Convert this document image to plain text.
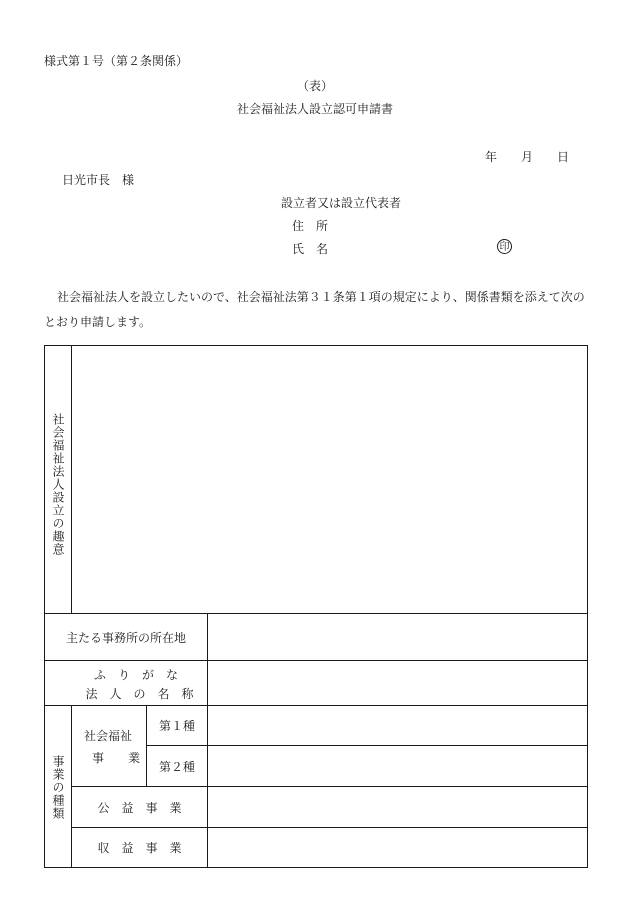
様式第１号（第２条関係）
（表）
社会福祉法人設立認可申請書
年 月 日
日光市長　様
設立者又は設立代表者
住　所
氏　名	印
社会福祉法人を設立したいので、社会福祉法第３１条第１項の規定により、関係書類を添えて次の
とおり申請します。
社会福祉法人設立の趣意
主たる事務所の所在地
ふ　り　が　な
法　人　の　名　称
事業の種類
社会福祉
事　　業
第１種
第２種
公　益　事　業
収　益　事　業
